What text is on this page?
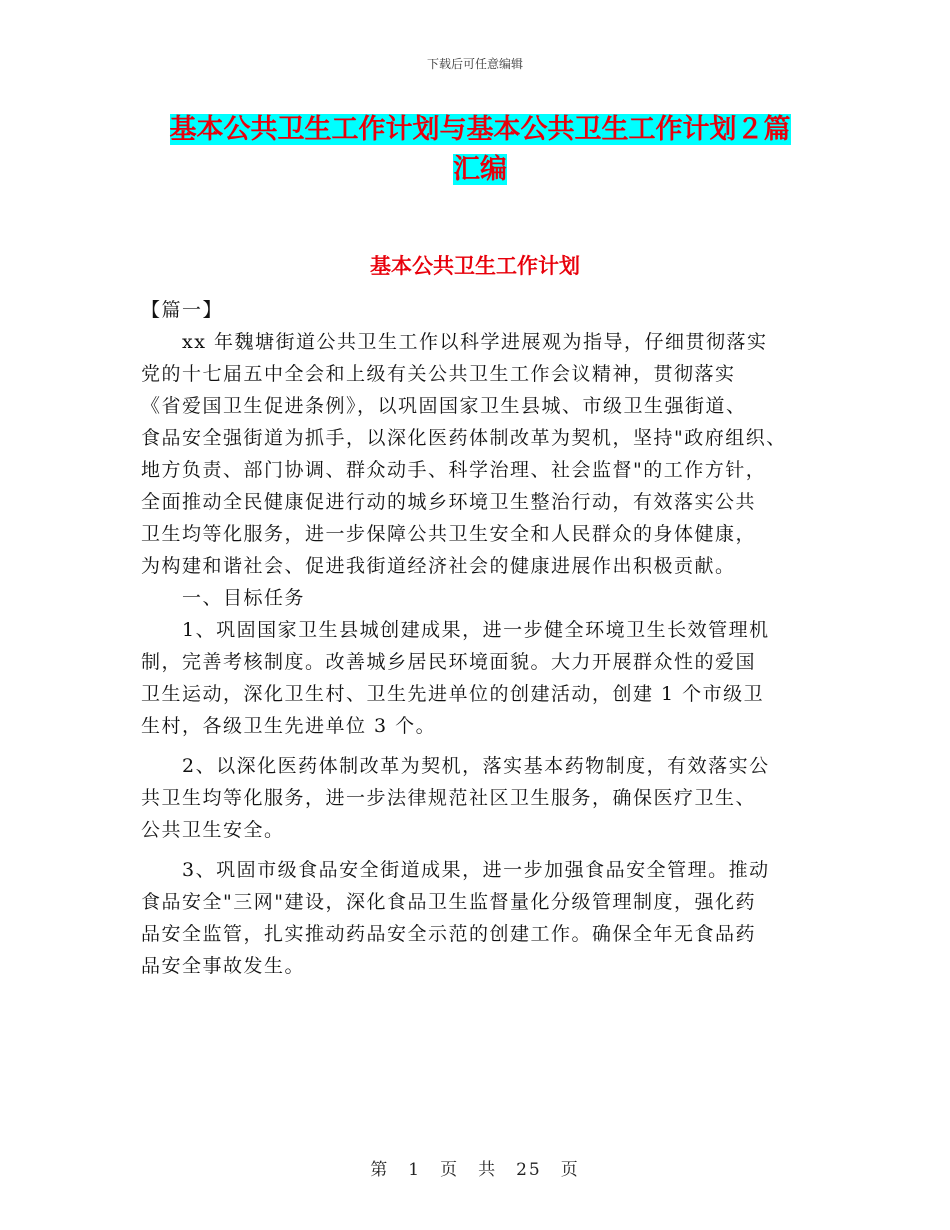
下载后可任意编辑
基本公共卫生工作计划与基本公共卫生工作计划２篇
汇编
基本公共卫生工作计划

【篇一】

　　xx 年魏塘街道公共卫生工作以科学进展观为指导，仔细贯彻落实
党的十七届五中全会和上级有关公共卫生工作会议精神，贯彻落实
《省爱国卫生促进条例》，以巩固国家卫生县城、市级卫生强街道、
食品安全强街道为抓手，以深化医药体制改革为契机，坚持"政府组织、
地方负责、部门协调、群众动手、科学治理、社会监督"的工作方针，
全面推动全民健康促进行动的城乡环境卫生整治行动，有效落实公共
卫生均等化服务，进一步保障公共卫生安全和人民群众的身体健康，
为构建和谐社会、促进我街道经济社会的健康进展作出积极贡献。

　　一、目标任务

　　1、巩固国家卫生县城创建成果，进一步健全环境卫生长效管理机
制，完善考核制度。改善城乡居民环境面貌。大力开展群众性的爱国
卫生运动，深化卫生村、卫生先进单位的创建活动，创建 1 个市级卫
生村，各级卫生先进单位 3 个。

　　2、以深化医药体制改革为契机，落实基本药物制度，有效落实公
共卫生均等化服务，进一步法律规范社区卫生服务，确保医疗卫生、
公共卫生安全。

　　3、巩固市级食品安全街道成果，进一步加强食品安全管理。推动
食品安全"三网"建设，深化食品卫生监督量化分级管理制度，强化药
品安全监管，扎实推动药品安全示范的创建工作。确保全年无食品药
品安全事故发生。

第　1　页　共　25　页
